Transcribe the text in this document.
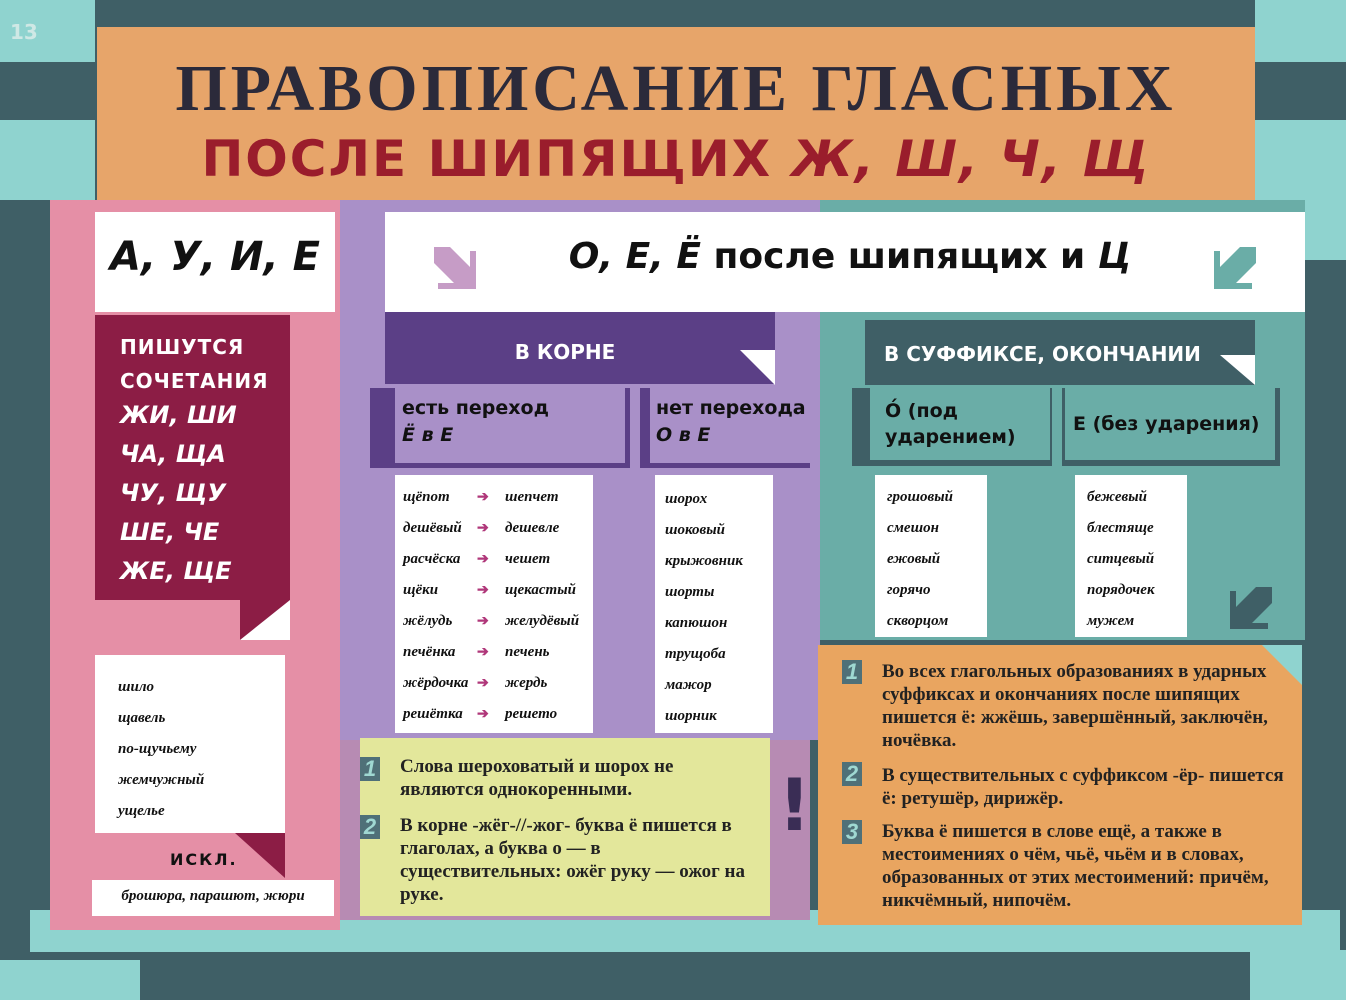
13
ПРАВОПИСАНИЕ ГЛАСНЫХ
ПОСЛЕ ШИПЯЩИХ Ж, Ш, Ч, Щ
А, У, И, Е	О, Е, Ё после шипящих и Ц
ПИШУТСЯ
СОЧЕТАНИЯ
ЖИ, ШИ
ЧА, ЩА
ЧУ, ЩУ
ШЕ, ЧЕ
ЖЕ, ЩЕ
шило
щавель
по-щучьему
жемчужный
ущелье
ИСКЛ.
брошюра, парашют, жюри
В КОРНЕ
есть переход
Ё в Е
нет перехода
О в Е
щёпот	➔ шепчет
дешёвый	➔ дешевле
расчёска	➔ чешет
щёки	➔ щекастый
жёлудь	➔ желудёвый
печёнка	➔ печень
жёрдочка ➔ жердь
решётка	➔ решето
шорох
шоковый
крыжовник
шорты
капюшон
трущоба
мажор
шорник
В СУФФИКСЕ, ОКОНЧАНИИ
О́ (под
ударением)
Е (без ударения)
грошовый
смешон
ежовый
горячо
скворцом
бежевый
блестяще
ситцевый
порядочек
мужем
1
2
Слова шероховатый и шорох не являются однокоренными.
В корне -жёг-//-жог- буква ё пишется в глаголах, а буква о — в существительных: ожёг руку — ожог на руке.
!
1
2
3
Во всех глагольных образованиях в ударных суффиксах и окончаниях после шипящих пишется ё: жжёшь, завершённый, заключён, ночёвка.
В существительных с суффиксом -ёр- пишется ё: ретушёр, дирижёр.
Буква ё пишется в слове ещё, а также в местоимениях о чём, чьё, чьём и в словах, образованных от этих местоимений: причём, никчёмный, нипочём.
